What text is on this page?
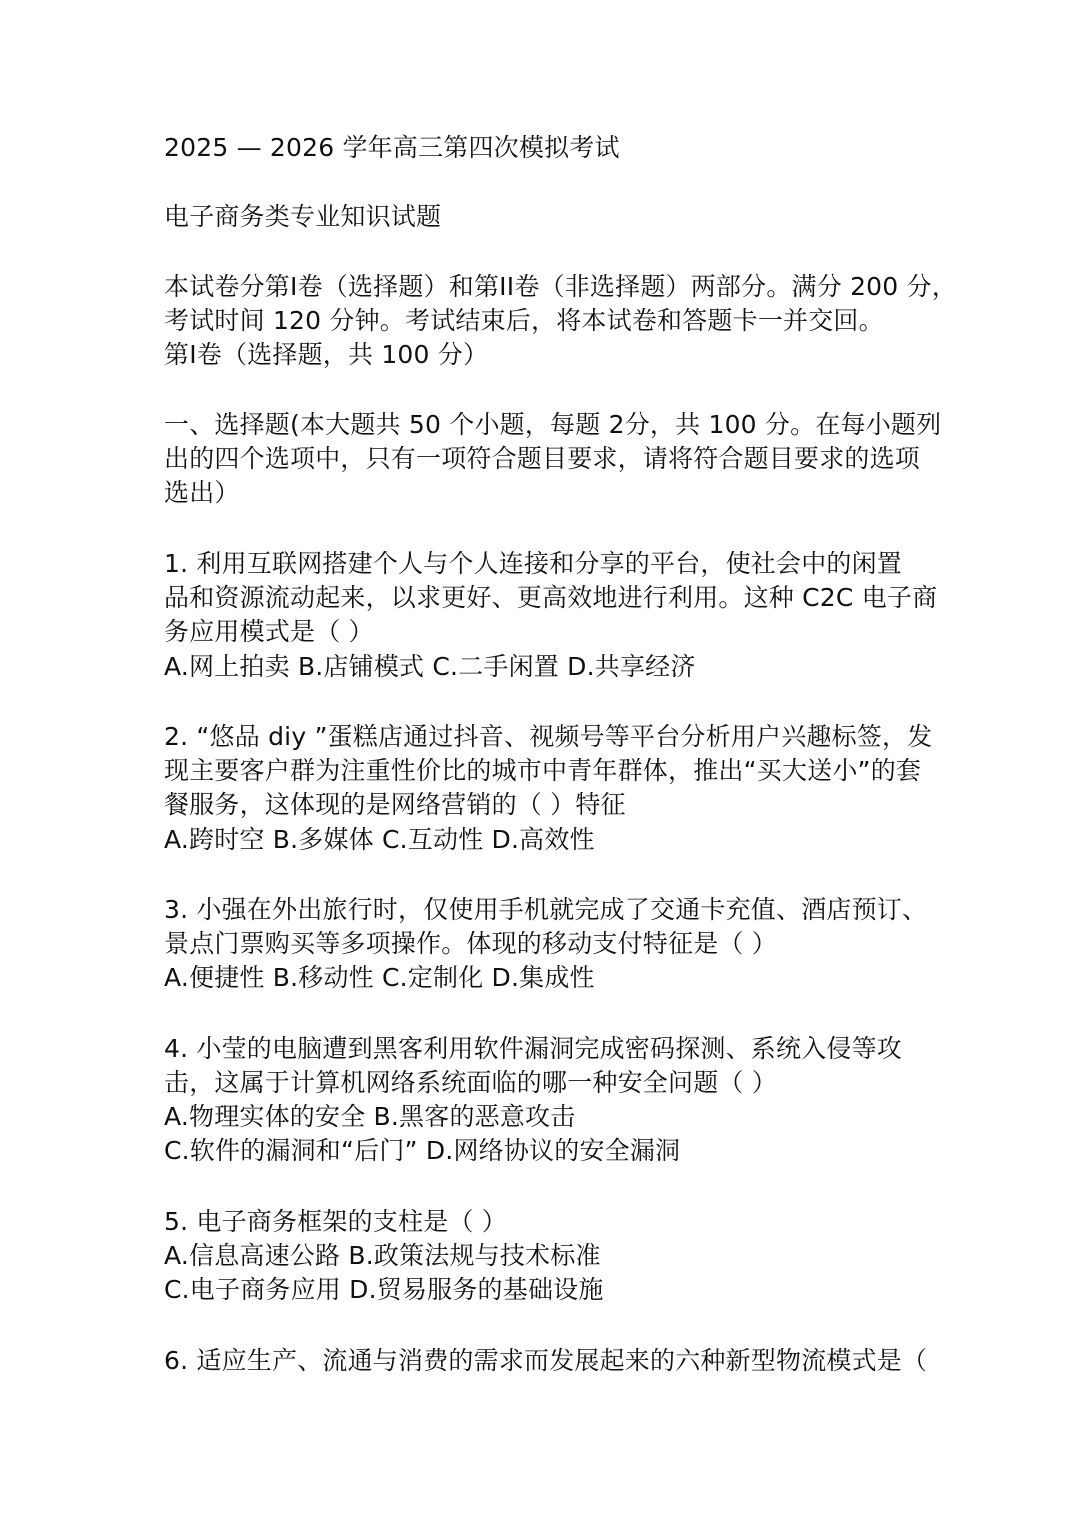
2025 — 2026 学年高三第四次模拟考试
电子商务类专业知识试题
本试卷分第I卷（选择题）和第II卷（非选择题）两部分。满分 200 分，
考试时间 120 分钟。考试结束后，将本试卷和答题卡一并交回。
第I卷（选择题，共 100 分）
一、选择题(本大题共 50 个小题，每题 2分，共 100 分。在每小题列
出的四个选项中，只有一项符合题目要求，请将符合题目要求的选项
选出）
1. 利用互联网搭建个人与个人连接和分享的平台，使社会中的闲置
品和资源流动起来，以求更好、更高效地进行利用。这种 C2C 电子商
务应用模式是（ ）
A.网上拍卖 B.店铺模式 C.二手闲置 D.共享经济
2. “悠品 diy ”蛋糕店通过抖音、视频号等平台分析用户兴趣标签，发
现主要客户群为注重性价比的城市中青年群体，推出“买大送小”的套
餐服务，这体现的是网络营销的（ ）特征
A.跨时空 B.多媒体 C.互动性 D.高效性
3. 小强在外出旅行时，仅使用手机就完成了交通卡充值、酒店预订、
景点门票购买等多项操作。体现的移动支付特征是（ ）
A.便捷性 B.移动性 C.定制化 D.集成性
4. 小莹的电脑遭到黑客利用软件漏洞完成密码探测、系统入侵等攻
击，这属于计算机网络系统面临的哪一种安全问题（ ）
A.物理实体的安全 B.黑客的恶意攻击
C.软件的漏洞和“后门” D.网络协议的安全漏洞
5. 电子商务框架的支柱是（ ）
A.信息高速公路 B.政策法规与技术标准
C.电子商务应用 D.贸易服务的基础设施
6. 适应生产、流通与消费的需求而发展起来的六种新型物流模式是（
